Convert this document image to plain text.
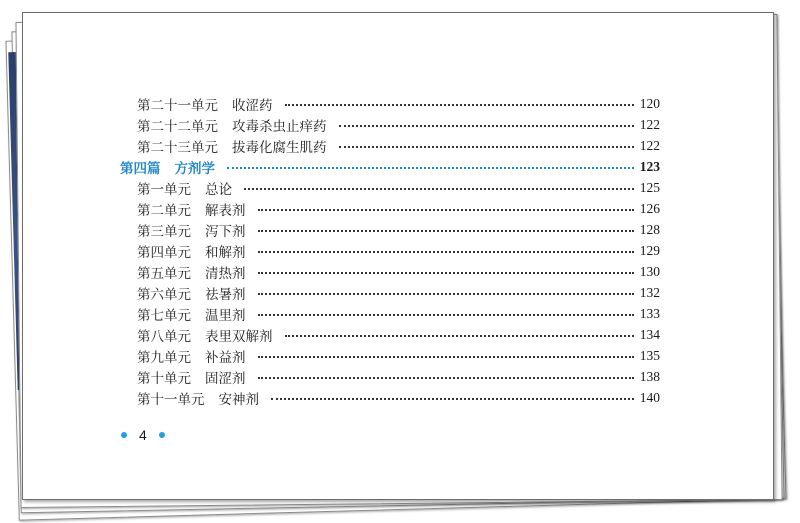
第二十一单元 收涩药	120
第二十二单元 攻毒杀虫止痒药	122
第二十三单元 拔毒化腐生肌药	122
第四篇 方剂学	123
第一单元 总论	125
第二单元 解表剂	126
第三单元 泻下剂	128
第四单元 和解剂	129
第五单元 清热剂	130
第六单元 祛暑剂	132
第七单元 温里剂	133
第八单元 表里双解剂	134
第九单元 补益剂	135
第十单元 固涩剂	138
第十一单元 安神剂	140
4
